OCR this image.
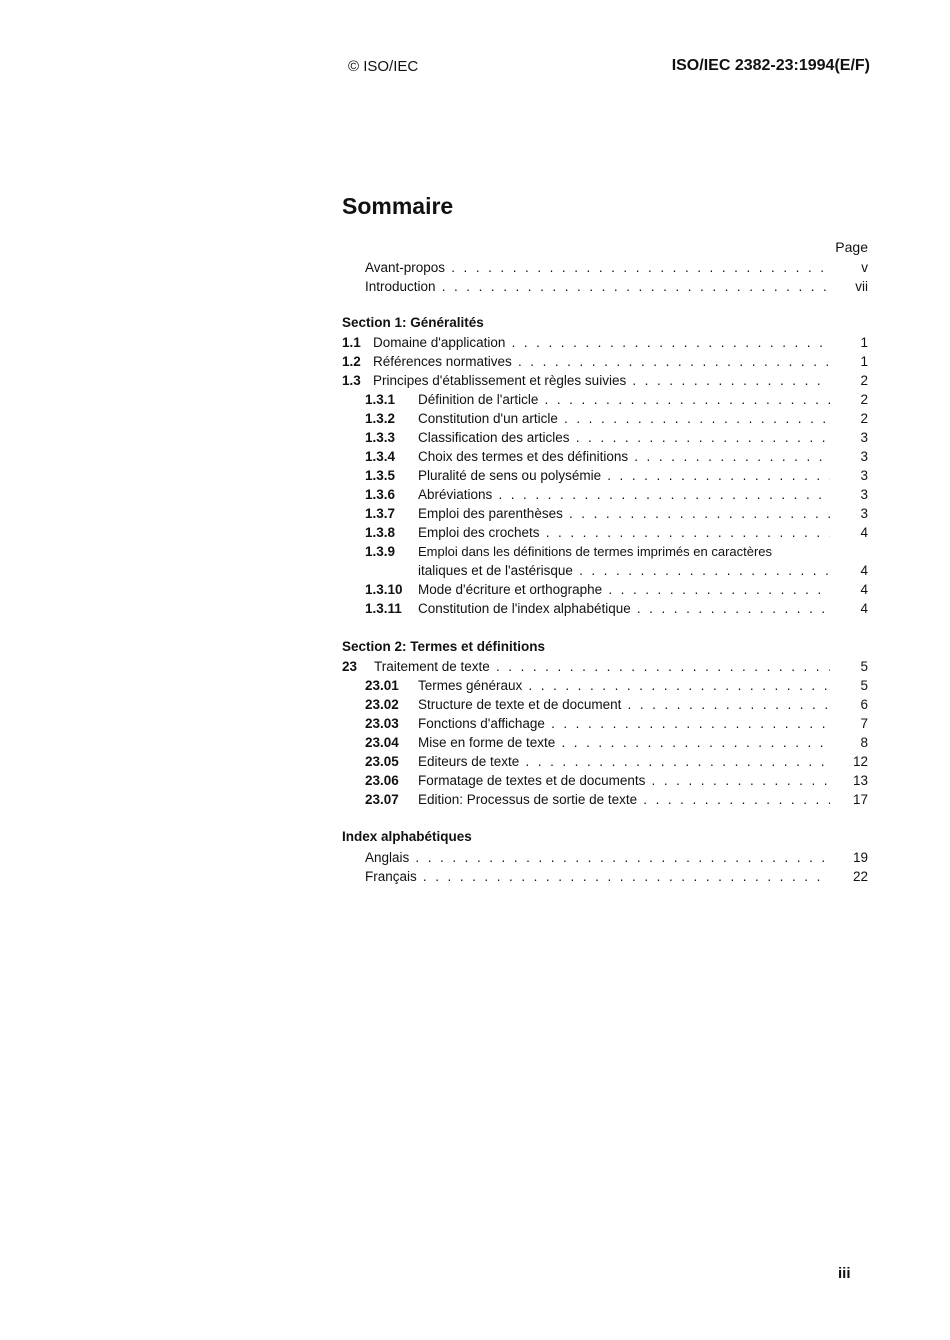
© ISO/IEC	ISO/IEC 2382-23:1994(E/F)
Sommaire
Page
Avant-propos . . .	v
Introduction . . .	vii
Section 1: Généralités
1.1 Domaine d'application . . .	1
1.2 Références normatives . . .	1
1.3 Principes d'établissement et règles suivies . . .	2
1.3.1 Définition de l'article . . .	2
1.3.2 Constitution d'un article . . .	2
1.3.3 Classification des articles . . .	3
1.3.4 Choix des termes et des définitions . . .	3
1.3.5 Pluralité de sens ou polysémie . . .	3
1.3.6 Abréviations . . .	3
1.3.7 Emploi des parenthèses . . .	3
1.3.8 Emploi des crochets . . .	4
1.3.9 Emploi dans les définitions de termes imprimés en caractères
italiques et de l'astérisque . . .	4
1.3.10 Mode d'écriture et orthographe . . .	4
1.3.11 Constitution de l'index alphabétique . . .	4
Section 2: Termes et définitions
23 Traitement de texte . . .	5
23.01 Termes généraux . . .	5
23.02 Structure de texte et de document . . .	6
23.03 Fonctions d'affichage . . .	7
23.04 Mise en forme de texte . . .	8
23.05 Editeurs de texte . . .	12
23.06 Formatage de textes et de documents . . .	13
23.07 Edition: Processus de sortie de texte . . .	17
Index alphabétiques
Anglais . . .	19
Français . . .	22
iii
